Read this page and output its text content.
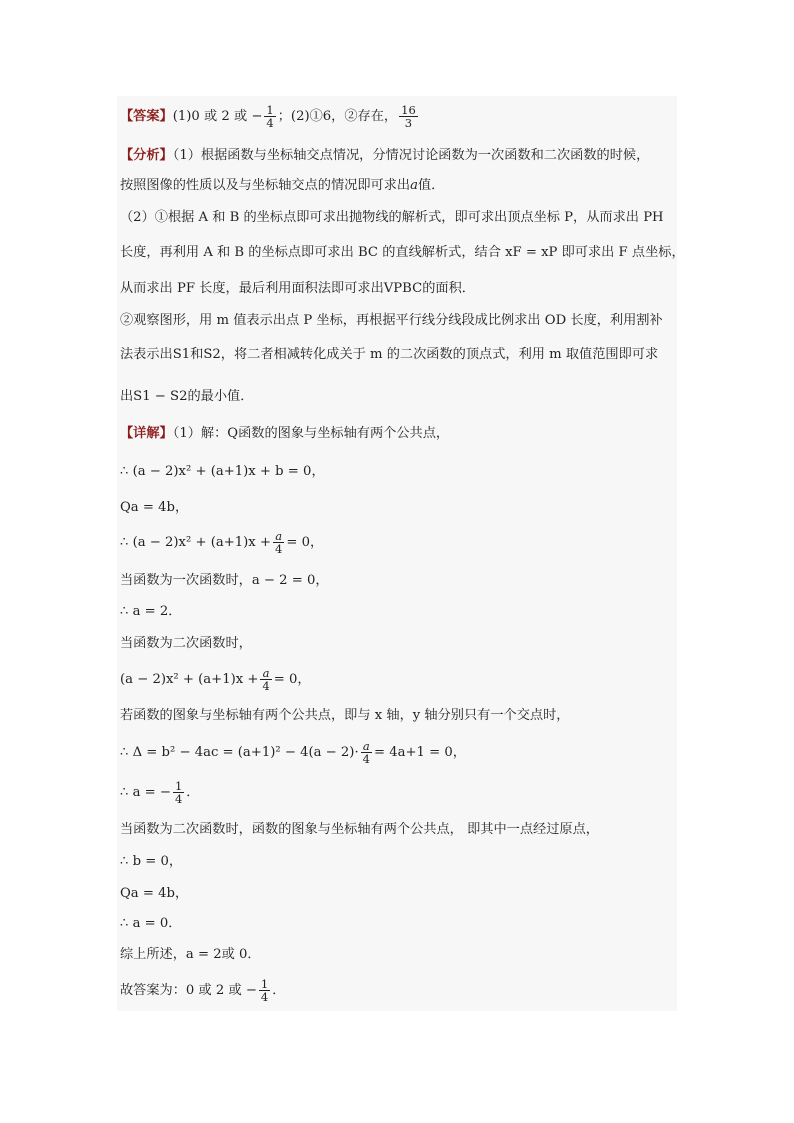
【答案】(1)0 或 2 或 − $\frac{1}{4}$ ；(2)①6，②存在， $\frac{16}{3}$
【分析】（1）根据函数与坐标轴交点情况，分情况讨论函数为一次函数和二次函数的时候，
按照图像的性质以及与坐标轴交点的情况即可求出a值．
（2）①根据 A 和 B 的坐标点即可求出抛物线的解析式，即可求出顶点坐标 P，从而求出 PH
长度，再利用 A 和 B 的坐标点即可求出 BC 的直线解析式，结合 xF = xP 即可求出 F 点坐标，
从而求出 PF 长度，最后利用面积法即可求出VPBC的面积．
②观察图形，用 m 值表示出点 P 坐标，再根据平行线分线段成比例求出 OD 长度，利用割补
法表示出S1和S2，将二者相减转化成关于 m 的二次函数的顶点式，利用 m 取值范围即可求
出S1 − S2的最小值．
【详解】（1）解：Q函数的图象与坐标轴有两个公共点，
∴ (a − 2)x² + (a+1)x + b = 0，
Qa = 4b，
∴ $(a - 2)x^2 + (a+1)x + \frac{a}{4} = 0$，
当函数为一次函数时，a − 2 = 0，
∴ a = 2．
当函数为二次函数时，
$(a - 2)x^2 + (a+1)x + \frac{a}{4} = 0$，
若函数的图象与坐标轴有两个公共点，即与 x 轴，y 轴分别只有一个交点时，
∴ $\Delta = b^2 - 4ac = (a+1)^2 - 4(a - 2)\cdot \frac{a}{4} = 4a+1 = 0$，
∴ a = − $\frac{1}{4}$ ．
当函数为二次函数时，函数的图象与坐标轴有两个公共点， 即其中一点经过原点，
∴ b = 0，
Qa = 4b，
∴ a = 0．
综上所述，a = 2或 0．
故答案为：0 或 2 或 − $\frac{1}{4}$ ．
